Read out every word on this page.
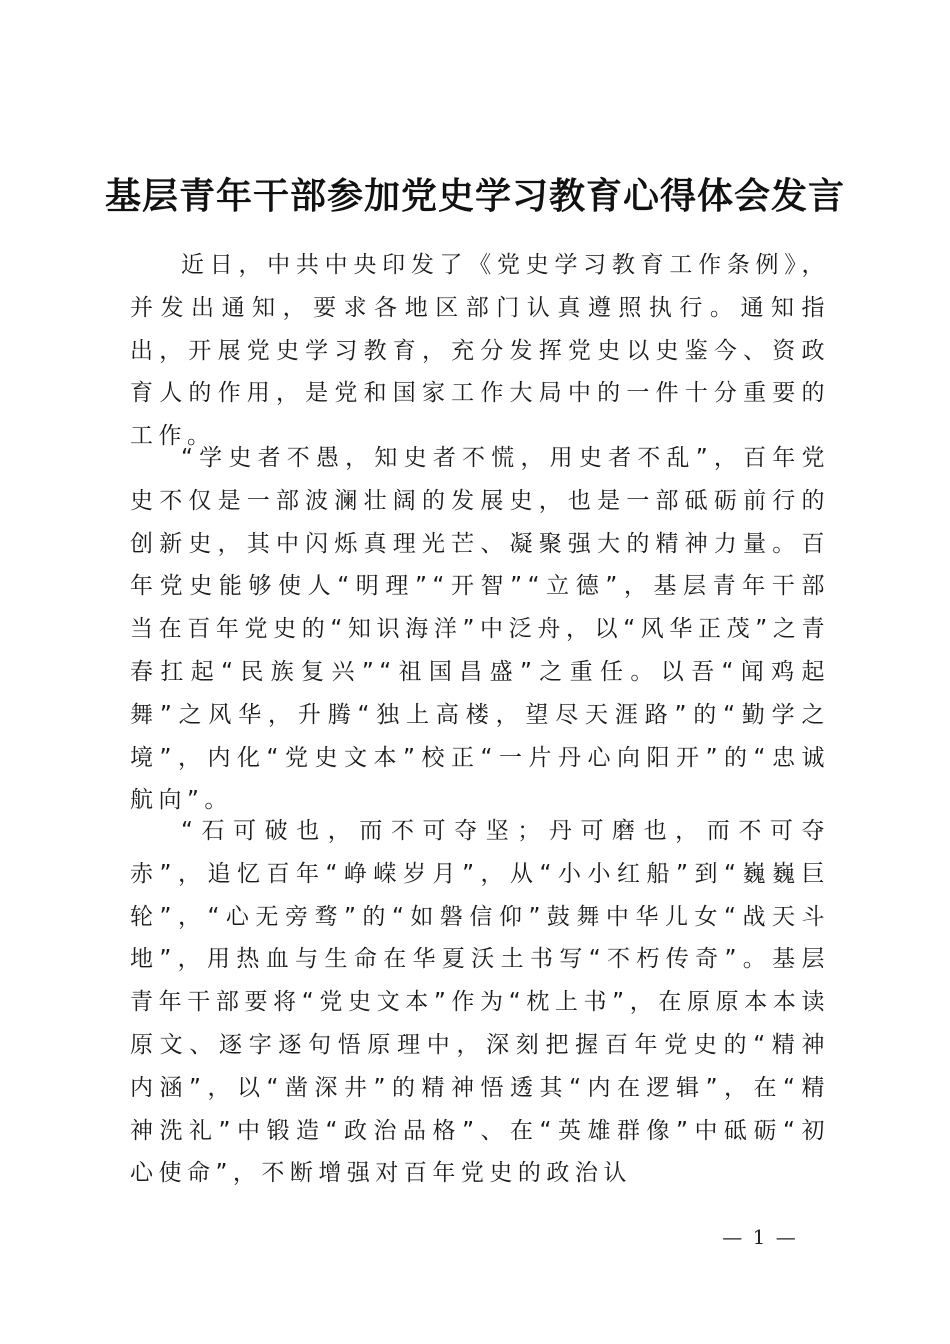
基层青年干部参加党史学习教育心得体会发言

近日，中共中央印发了《党史学习教育工作条例》，并发出通知，要求各地区部门认真遵照执行。通知指出，开展党史学习教育，充分发挥党史以史鉴今、资政育人的作用，是党和国家工作大局中的一件十分重要的工作。

“学史者不愚，知史者不慌，用史者不乱”，百年党史不仅是一部波澜壮阔的发展史，也是一部砥砺前行的创新史，其中闪烁真理光芒、凝聚强大的精神力量。百年党史能够使人“明理”“开智”“立德”，基层青年干部当在百年党史的“知识海洋”中泛舟，以“风华正茂”之青春扛起“民族复兴”“祖国昌盛”之重任。以吾“闻鸡起舞”之风华，升腾“独上高楼，望尽天涯路”的“勤学之境”，内化“党史文本”校正“一片丹心向阳开”的“忠诚航向”。

“石可破也，而不可夺坚；丹可磨也，而不可夺赤”，追忆百年“峥嵘岁月”，从“小小红船”到“巍巍巨轮”，“心无旁骛”的“如磐信仰”鼓舞中华儿女“战天斗地”，用热血与生命在华夏沃土书写“不朽传奇”。基层青年干部要将“党史文本”作为“枕上书”，在原原本本读原文、逐字逐句悟原理中，深刻把握百年党史的“精神内涵”，以“凿深井”的精神悟透其“内在逻辑”，在“精神洗礼”中锻造“政治品格”、在“英雄群像”中砥砺“初心使命”，不断增强对百年党史的政治认

— 1 —
